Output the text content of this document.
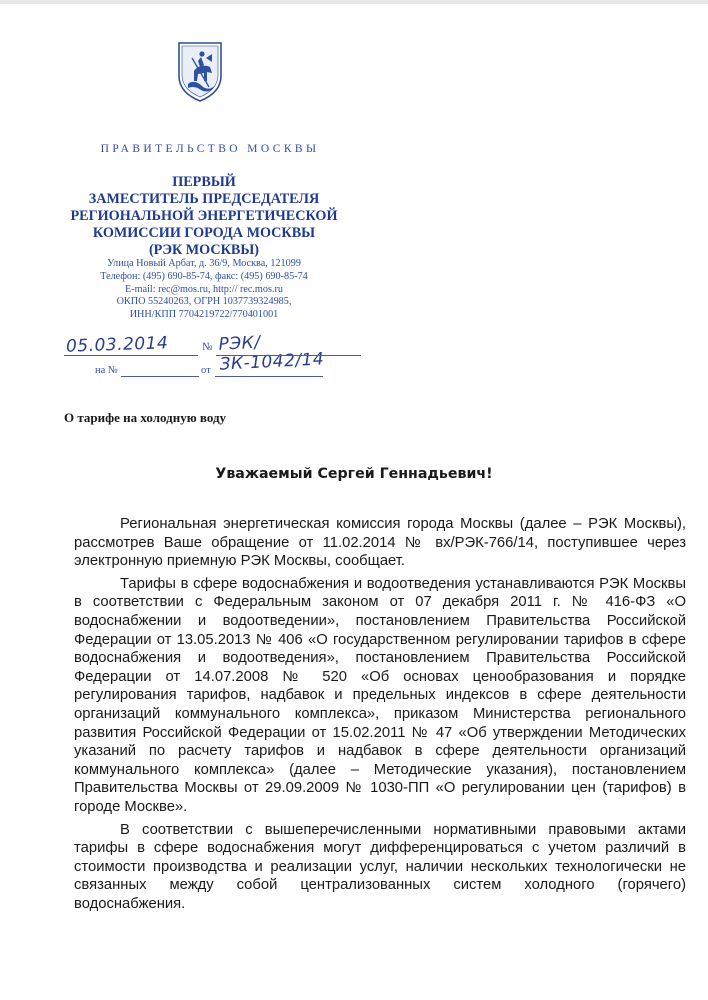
ПРАВИТЕЛЬСТВО МОСКВЫ
ПЕРВЫЙ
ЗАМЕСТИТЕЛЬ ПРЕДСЕДАТЕЛЯ
РЕГИОНАЛЬНОЙ ЭНЕРГЕТИЧЕСКОЙ
КОМИССИИ ГОРОДА МОСКВЫ
(РЭК МОСКВЫ)
Улица Новый Арбат, д. 36/9, Москва, 121099
Телефон: (495) 690-85-74, факс: (495) 690-85-74
E-mail: rec@mos.ru, http:// rec.mos.ru
ОКПО 55240263, ОГРН 1037739324985,
ИНН/КПП 7704219722/770401001
05.03.2014	№ РЭК/ЗК-1042/14
на №	от
О тарифе на холодную воду
Уважаемый Сергей Геннадьевич!

Региональная энергетическая комиссия города Москвы (далее – РЭК Москвы), рассмотрев Ваше обращение от 11.02.2014 № вх/РЭК-766/14, поступившее через электронную приемную РЭК Москвы, сообщает.

Тарифы в сфере водоснабжения и водоотведения устанавливаются РЭК Москвы в соответствии с Федеральным законом от 07 декабря 2011 г. № 416-ФЗ «О водоснабжении и водоотведении», постановлением Правительства Российской Федерации от 13.05.2013 № 406 «О государственном регулировании тарифов в сфере водоснабжения и водоотведения», постановлением Правительства Российской Федерации от 14.07.2008 № 520 «Об основах ценообразования и порядке регулирования тарифов, надбавок и предельных индексов в сфере деятельности организаций коммунального комплекса», приказом Министерства регионального развития Российской Федерации от 15.02.2011 № 47 «Об утверждении Методических указаний по расчету тарифов и надбавок в сфере деятельности организаций коммунального комплекса» (далее – Методические указания), постановлением Правительства Москвы от 29.09.2009 № 1030-ПП «О регулировании цен (тарифов) в городе Москве».

В соответствии с вышеперечисленными нормативными правовыми актами тарифы в сфере водоснабжения могут дифференцироваться с учетом различий в стоимости производства и реализации услуг, наличии нескольких технологически не связанных между собой централизованных систем холодного (горячего) водоснабжения.
